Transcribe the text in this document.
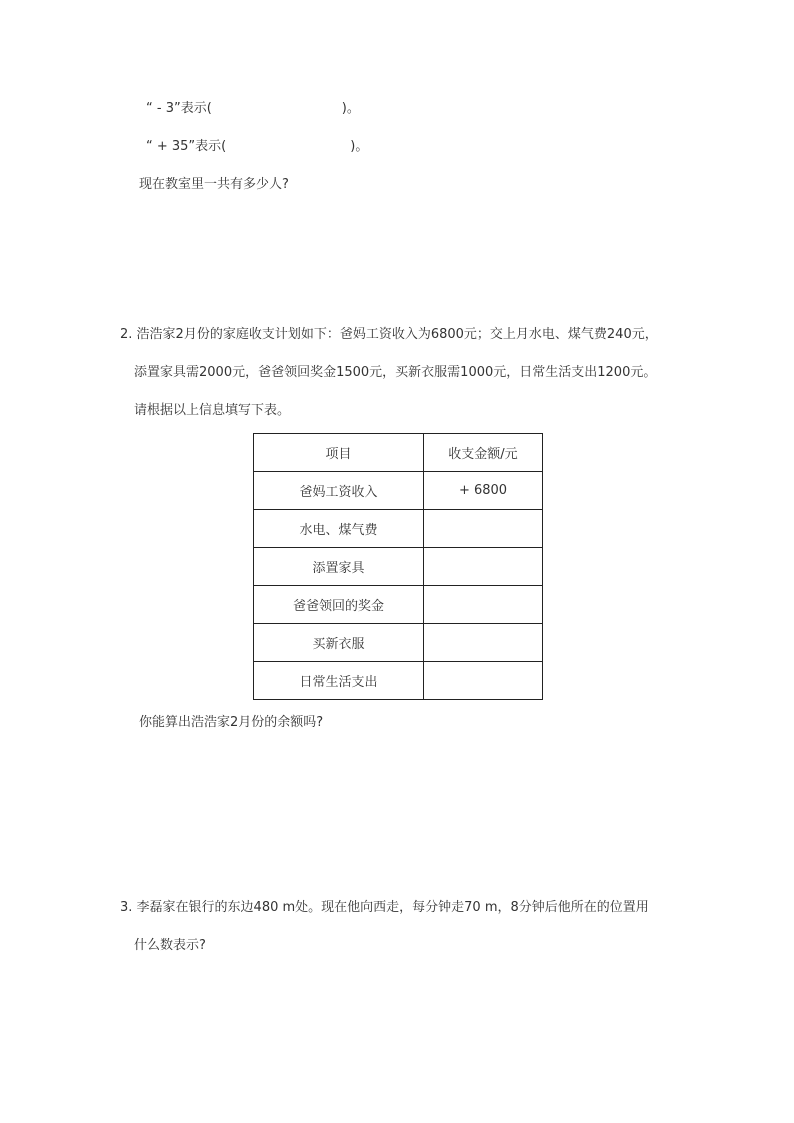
“ - 3”表示(	)。
“ + 35”表示(	)。
现在教室里一共有多少人?
2. 浩浩家2月份的家庭收支计划如下：爸妈工资收入为6800元；交上月水电、煤气费240元，
添置家具需2000元，爸爸领回奖金1500元，买新衣服需1000元，日常生活支出1200元。
请根据以上信息填写下表。
项目	收支金额/元
爸妈工资收入	+ 6800
水电、煤气费	
添置家具	
爸爸领回的奖金	
买新衣服	
日常生活支出	
你能算出浩浩家2月份的余额吗?
3. 李磊家在银行的东边480 m处。现在他向西走，每分钟走70 m，8分钟后他所在的位置用
什么数表示?
